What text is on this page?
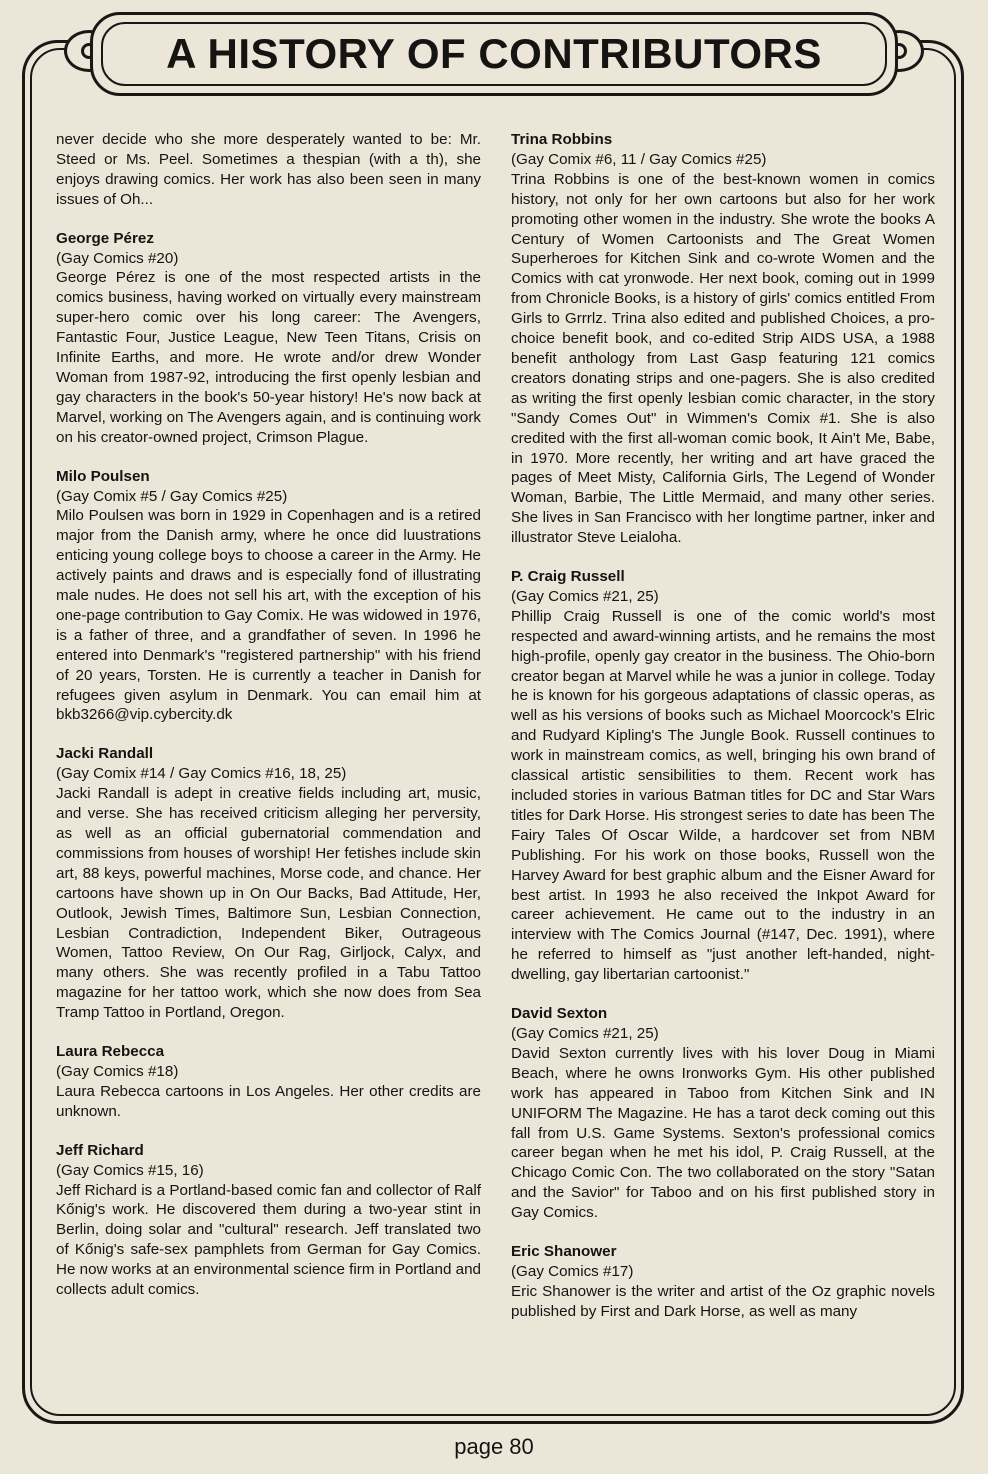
A HISTORY OF CONTRIBUTORS

never decide who she more desperately wanted to be: Mr. Steed or Ms. Peel. Sometimes a thespian (with a th), she enjoys drawing comics. Her work has also been seen in many issues of Oh...

George Pérez
(Gay Comics #20)

George Pérez is one of the most respected artists in the comics business, having worked on virtually every mainstream super-hero comic over his long career: The Avengers, Fantastic Four, Justice League, New Teen Titans, Crisis on Infinite Earths, and more. He wrote and/or drew Wonder Woman from 1987-92, introducing the first openly lesbian and gay characters in the book's 50-year history! He's now back at Marvel, working on The Avengers again, and is continuing work on his creator-owned project, Crimson Plague.

Milo Poulsen
(Gay Comix #5 / Gay Comics #25)

Milo Poulsen was born in 1929 in Copenhagen and is a retired major from the Danish army, where he once did luustrations enticing young college boys to choose a career in the Army. He actively paints and draws and is especially fond of illustrating male nudes. He does not sell his art, with the exception of his one-page contribution to Gay Comix. He was widowed in 1976, is a father of three, and a grandfather of seven. In 1996 he entered into Denmark's "registered partnership" with his friend of 20 years, Torsten. He is currently a teacher in Danish for refugees given asylum in Denmark. You can email him at bkb3266@vip.cybercity.dk

Jacki Randall
(Gay Comix #14 / Gay Comics #16, 18, 25)

Jacki Randall is adept in creative fields including art, music, and verse. She has received criticism alleging her perversity, as well as an official gubernatorial commendation and commissions from houses of worship! Her fetishes include skin art, 88 keys, powerful machines, Morse code, and chance. Her cartoons have shown up in On Our Backs, Bad Attitude, Her, Outlook, Jewish Times, Baltimore Sun, Lesbian Connection, Lesbian Contradiction, Independent Biker, Outrageous Women, Tattoo Review, On Our Rag, Girljock, Calyx, and many others. She was recently profiled in a Tabu Tattoo magazine for her tattoo work, which she now does from Sea Tramp Tattoo in Portland, Oregon.

Laura Rebecca
(Gay Comics #18)

Laura Rebecca cartoons in Los Angeles. Her other credits are unknown.

Jeff Richard
(Gay Comics #15, 16)

Jeff Richard is a Portland-based comic fan and collector of Ralf Kőnig's work. He discovered them during a two-year stint in Berlin, doing solar and "cultural" research. Jeff translated two of Kőnig's safe-sex pamphlets from German for Gay Comics. He now works at an environmental science firm in Portland and collects adult comics.

Trina Robbins
(Gay Comix #6, 11 / Gay Comics #25)

Trina Robbins is one of the best-known women in comics history, not only for her own cartoons but also for her work promoting other women in the industry. She wrote the books A Century of Women Cartoonists and The Great Women Superheroes for Kitchen Sink and co-wrote Women and the Comics with cat yronwode. Her next book, coming out in 1999 from Chronicle Books, is a history of girls' comics entitled From Girls to Grrrlz. Trina also edited and published Choices, a pro-choice benefit book, and co-edited Strip AIDS USA, a 1988 benefit anthology from Last Gasp featuring 121 comics creators donating strips and one-pagers. She is also credited as writing the first openly lesbian comic character, in the story "Sandy Comes Out" in Wimmen's Comix #1. She is also credited with the first all-woman comic book, It Ain't Me, Babe, in 1970. More recently, her writing and art have graced the pages of Meet Misty, California Girls, The Legend of Wonder Woman, Barbie, The Little Mermaid, and many other series. She lives in San Francisco with her longtime partner, inker and illustrator Steve Leialoha.

P. Craig Russell
(Gay Comics #21, 25)

Phillip Craig Russell is one of the comic world's most respected and award-winning artists, and he remains the most high-profile, openly gay creator in the business. The Ohio-born creator began at Marvel while he was a junior in college. Today he is known for his gorgeous adaptations of classic operas, as well as his versions of books such as Michael Moorcock's Elric and Rudyard Kipling's The Jungle Book. Russell continues to work in mainstream comics, as well, bringing his own brand of classical artistic sensibilities to them. Recent work has included stories in various Batman titles for DC and Star Wars titles for Dark Horse. His strongest series to date has been The Fairy Tales Of Oscar Wilde, a hardcover set from NBM Publishing. For his work on those books, Russell won the Harvey Award for best graphic album and the Eisner Award for best artist. In 1993 he also received the Inkpot Award for career achievement. He came out to the industry in an interview with The Comics Journal (#147, Dec. 1991), where he referred to himself as "just another left-handed, night-dwelling, gay libertarian cartoonist."

David Sexton
(Gay Comics #21, 25)

David Sexton currently lives with his lover Doug in Miami Beach, where he owns Ironworks Gym. His other published work has appeared in Taboo from Kitchen Sink and IN UNIFORM The Magazine. He has a tarot deck coming out this fall from U.S. Game Systems. Sexton's professional comics career began when he met his idol, P. Craig Russell, at the Chicago Comic Con. The two collaborated on the story "Satan and the Savior" for Taboo and on his first published story in Gay Comics.

Eric Shanower
(Gay Comics #17)

Eric Shanower is the writer and artist of the Oz graphic novels published by First and Dark Horse, as well as many

page 80
